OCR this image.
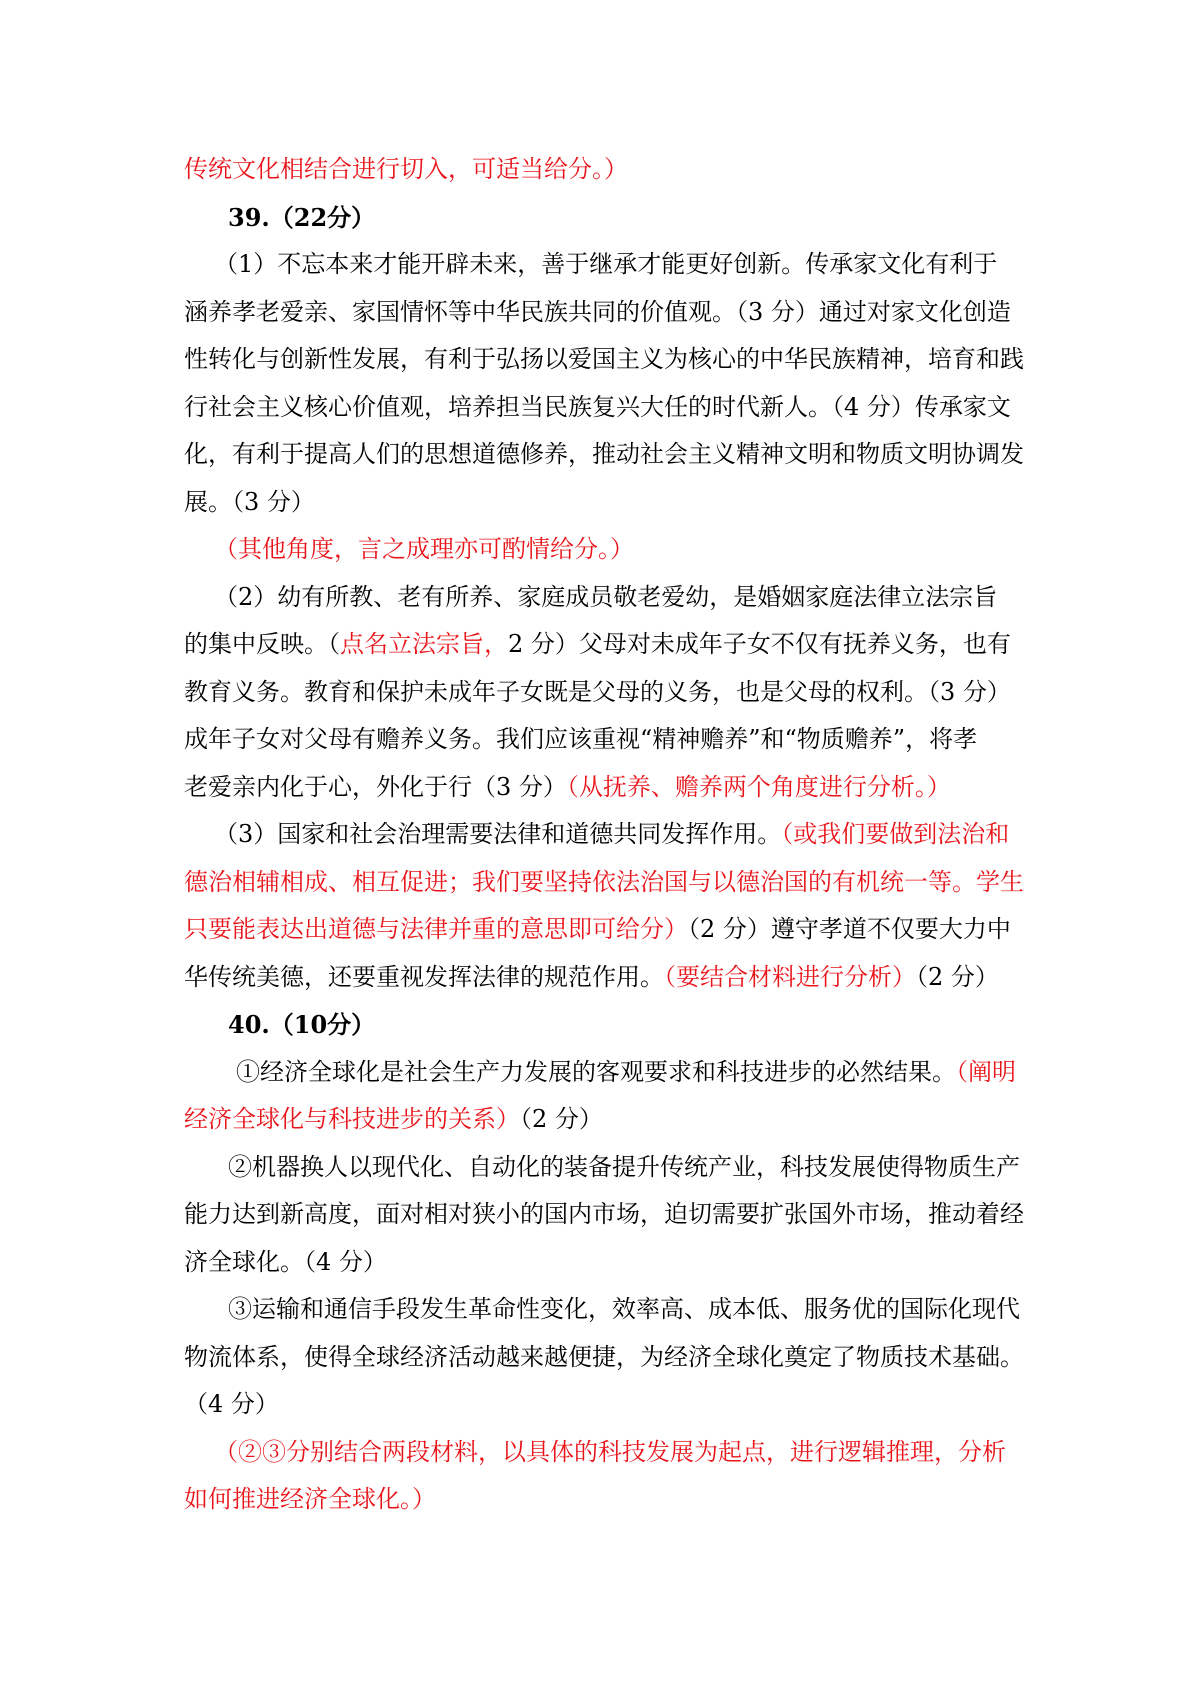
传统文化相结合进行切入，可适当给分。）
39.（22分）
（1）不忘本来才能开辟未来，善于继承才能更好创新。传承家文化有利于
涵养孝老爱亲、家国情怀等中华民族共同的价值观。（3 分）通过对家文化创造
性转化与创新性发展，有利于弘扬以爱国主义为核心的中华民族精神，培育和践
行社会主义核心价值观，培养担当民族复兴大任的时代新人。（4 分）传承家文
化，有利于提高人们的思想道德修养，推动社会主义精神文明和物质文明协调发
展。（3 分）
（其他角度，言之成理亦可酌情给分。）
（2）幼有所教、老有所养、家庭成员敬老爱幼，是婚姻家庭法律立法宗旨
的集中反映。（点名立法宗旨，2 分）父母对未成年子女不仅有抚养义务，也有
教育义务。教育和保护未成年子女既是父母的义务，也是父母的权利。（3 分）
成年子女对父母有赡养义务。我们应该重视“精神赡养”和“物质赡养”，将孝
老爱亲内化于心，外化于行（3 分）（从抚养、赡养两个角度进行分析。）
（3）国家和社会治理需要法律和道德共同发挥作用。（或我们要做到法治和
德治相辅相成、相互促进；我们要坚持依法治国与以德治国的有机统一等。学生
只要能表达出道德与法律并重的意思即可给分）（2 分）遵守孝道不仅要大力中
华传统美德，还要重视发挥法律的规范作用。（要结合材料进行分析）（2 分）
40.（10分）
①经济全球化是社会生产力发展的客观要求和科技进步的必然结果。（阐明
经济全球化与科技进步的关系）（2 分）
②机器换人以现代化、自动化的装备提升传统产业，科技发展使得物质生产
能力达到新高度，面对相对狭小的国内市场，迫切需要扩张国外市场，推动着经
济全球化。（4 分）
③运输和通信手段发生革命性变化，效率高、成本低、服务优的国际化现代
物流体系，使得全球经济活动越来越便捷，为经济全球化奠定了物质技术基础。
（4 分）
（②③分别结合两段材料，以具体的科技发展为起点，进行逻辑推理，分析
如何推进经济全球化。）
